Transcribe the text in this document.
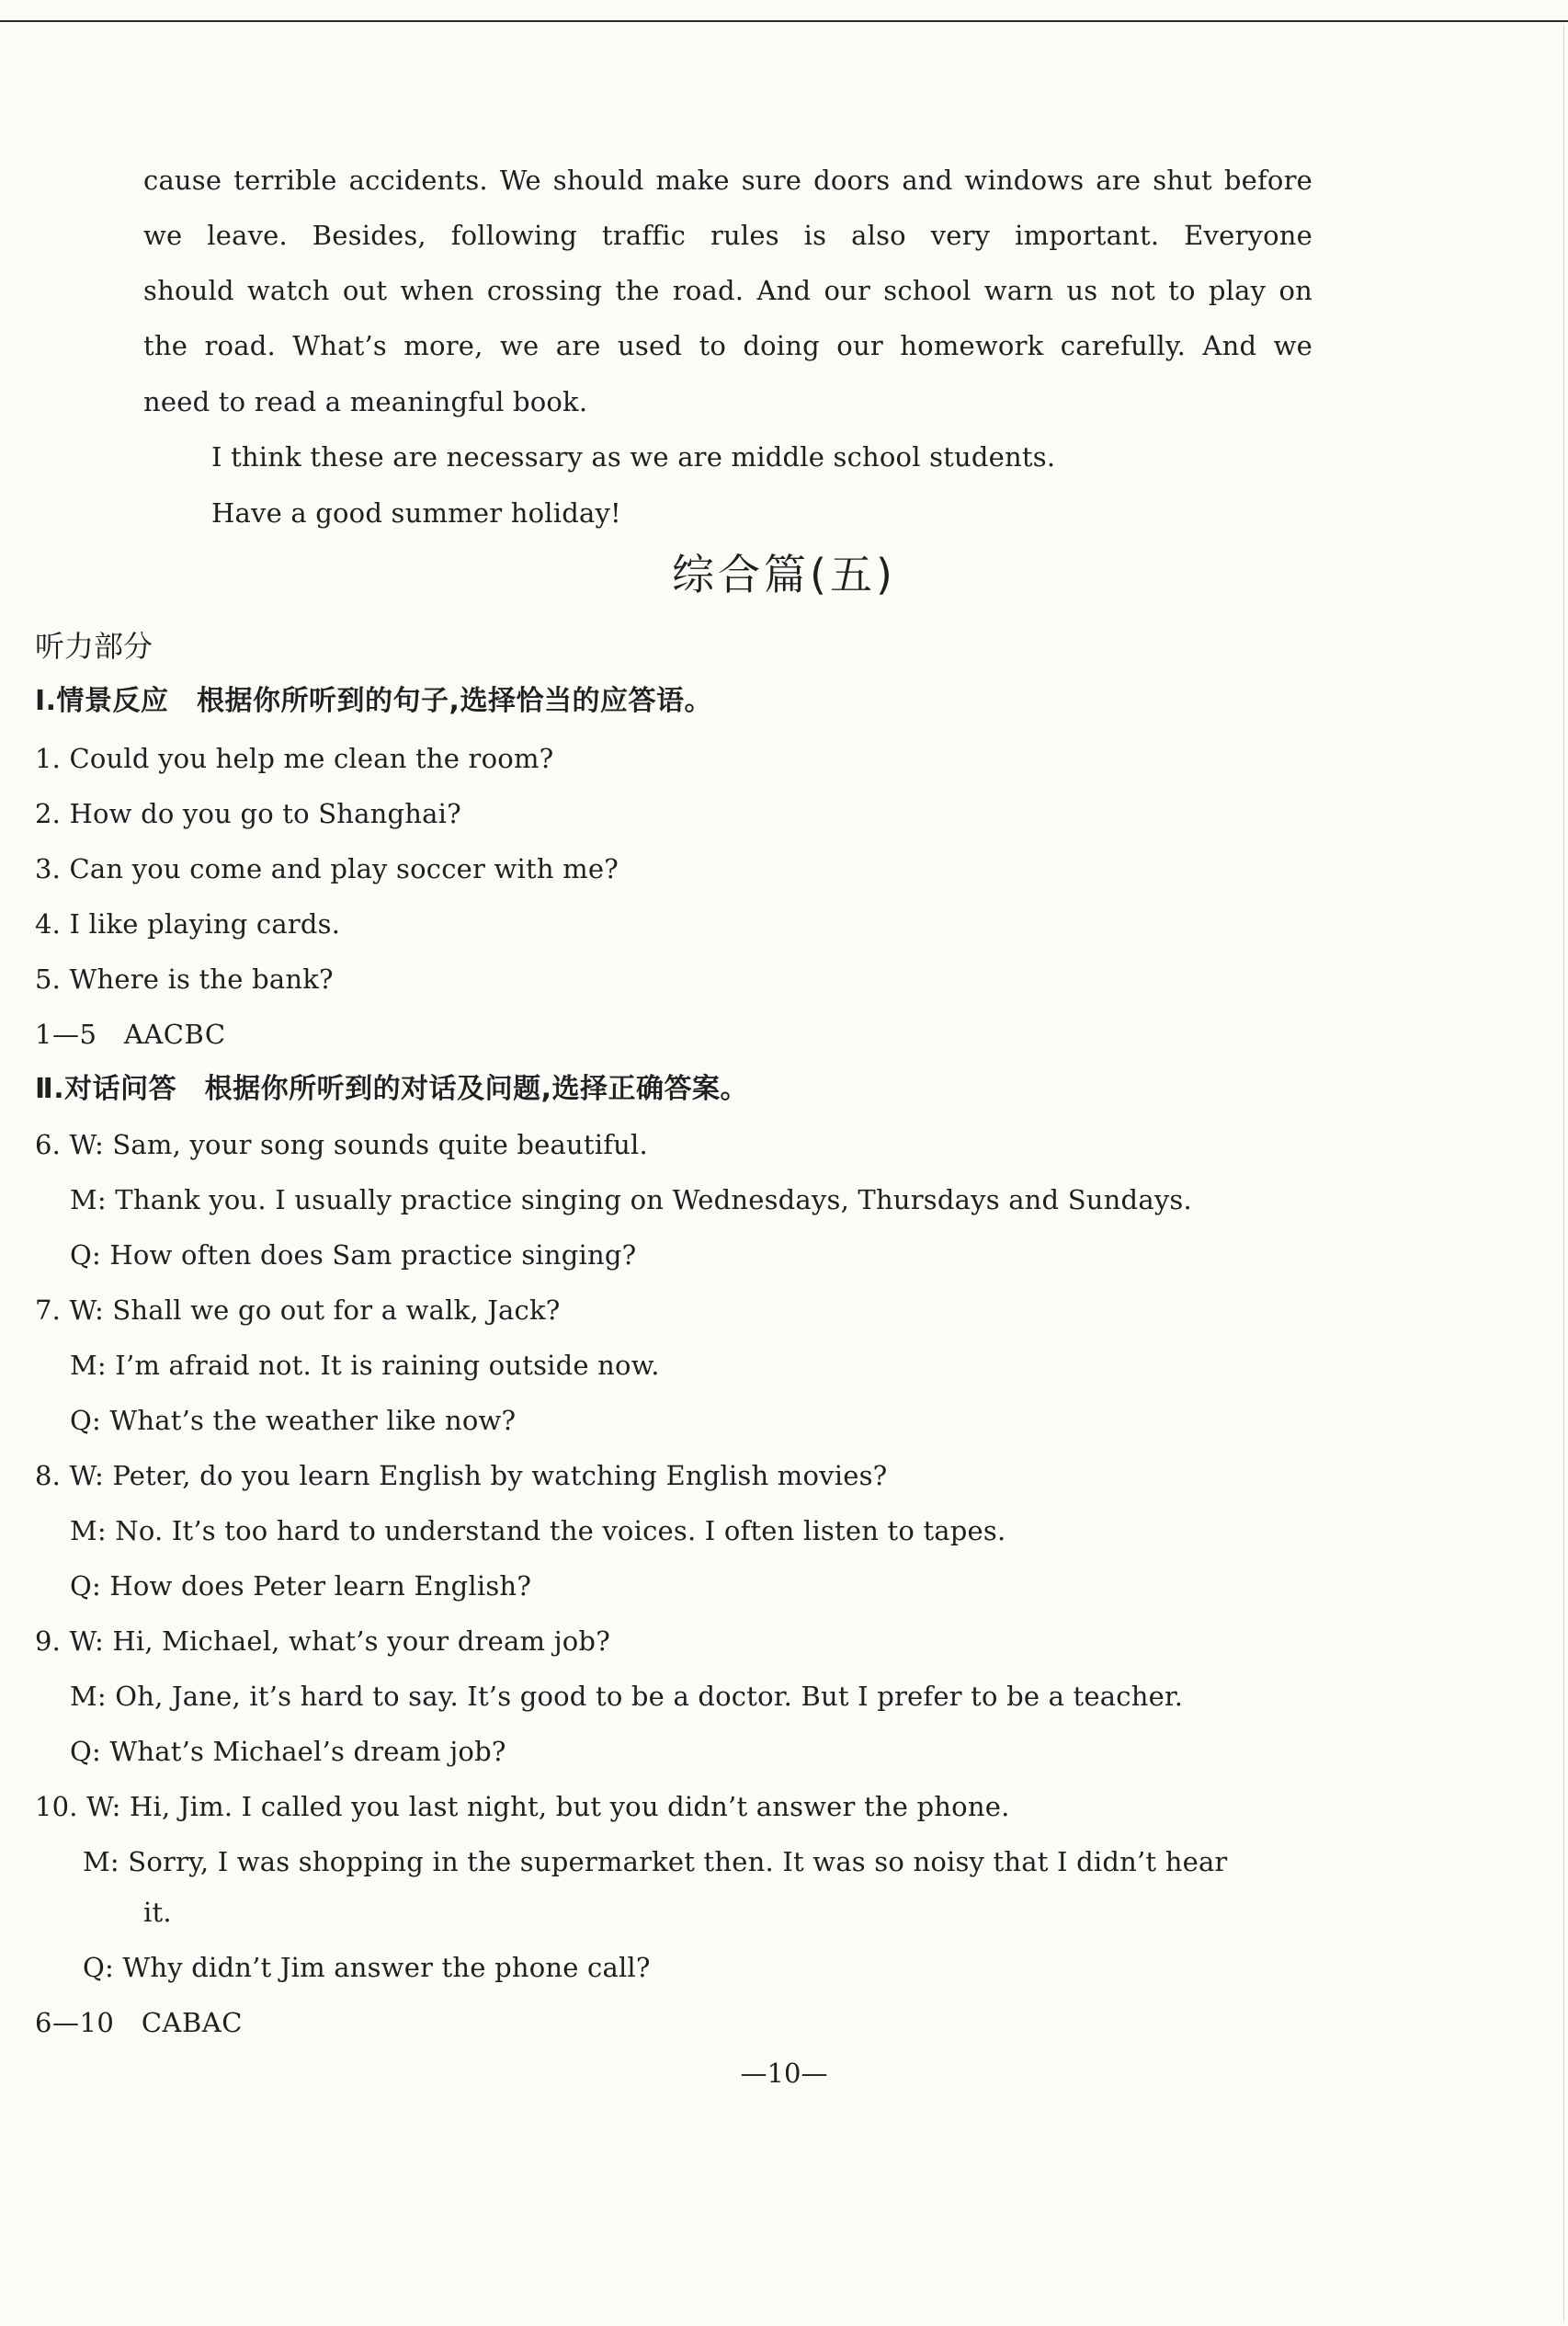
cause terrible accidents. We should make sure doors and windows are shut before
we leave. Besides, following traffic rules is also very important. Everyone
should watch out when crossing the road. And our school warn us not to play on
the road. What’s more, we are used to doing our homework carefully. And we
need to read a meaningful book.
I think these are necessary as we are middle school students.
Have a good summer holiday!
综合篇(五)
听力部分
Ⅰ.情景反应　根据你所听到的句子,选择恰当的应答语。
1. Could you help me clean the room?
2. How do you go to Shanghai?
3. Can you come and play soccer with me?
4. I like playing cards.
5. Where is the bank?
1—5　AACBC
Ⅱ.对话问答　根据你所听到的对话及问题,选择正确答案。
6. W: Sam, your song sounds quite beautiful.
M: Thank you. I usually practice singing on Wednesdays, Thursdays and Sundays.
Q: How often does Sam practice singing?
7. W: Shall we go out for a walk, Jack?
M: I’m afraid not. It is raining outside now.
Q: What’s the weather like now?
8. W: Peter, do you learn English by watching English movies?
M: No. It’s too hard to understand the voices. I often listen to tapes.
Q: How does Peter learn English?
9. W: Hi, Michael, what’s your dream job?
M: Oh, Jane, it’s hard to say. It’s good to be a doctor. But I prefer to be a teacher.
Q: What’s Michael’s dream job?
10. W: Hi, Jim. I called you last night, but you didn’t answer the phone.
M: Sorry, I was shopping in the supermarket then. It was so noisy that I didn’t hear
it.
Q: Why didn’t Jim answer the phone call?
6—10　CABAC
—10—
